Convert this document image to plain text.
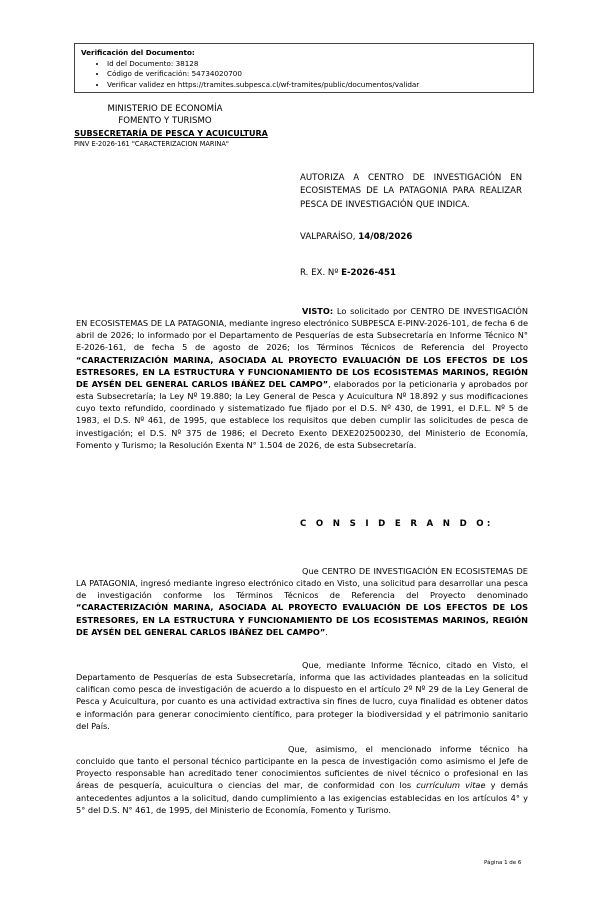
Verificación del Documento:
• Id del Documento: 38128
• Código de verificación: 54734020700
• Verificar validez en https://tramites.subpesca.cl/wf-tramites/public/documentos/validar
MINISTERIO DE ECONOMÍA
FOMENTO Y TURISMO
SUBSECRETARÍA DE PESCA Y ACUICULTURA
PINV E-2026-161 "CARACTERIZACION MARINA"
AUTORIZA A CENTRO DE INVESTIGACIÓN EN ECOSISTEMAS DE LA PATAGONIA PARA REALIZAR PESCA DE INVESTIGACIÓN QUE INDICA.
VALPARAÍSO, 14/08/2026
R. EX. Nº E-2026-451
VISTO: Lo solicitado por CENTRO DE INVESTIGACIÓN EN ECOSISTEMAS DE LA PATAGONIA, mediante ingreso electrónico SUBPESCA E-PINV-2026-101, de fecha 6 de abril de 2026; lo informado por el Departamento de Pesquerías de esta Subsecretaría en Informe Técnico N° E-2026-161, de fecha 5 de agosto de 2026; los Términos Técnicos de Referencia del Proyecto “CARACTERIZACIÓN MARINA, ASOCIADA AL PROYECTO EVALUACIÓN DE LOS EFECTOS DE LOS ESTRESORES, EN LA ESTRUCTURA Y FUNCIONAMIENTO DE LOS ECOSISTEMAS MARINOS, REGIÓN DE AYSÉN DEL GENERAL CARLOS IBÁÑEZ DEL CAMPO”, elaborados por la peticionaria y aprobados por esta Subsecretaría; la Ley Nº 19.880; la Ley General de Pesca y Acuicultura Nº 18.892 y sus modificaciones cuyo texto refundido, coordinado y sistematizado fue fijado por el D.S. Nº 430, de 1991, el D.F.L. Nº 5 de 1983, el D.S. Nº 461, de 1995, que establece los requisitos que deben cumplir las solicitudes de pesca de investigación; el D.S. Nº 375 de 1986; el Decreto Exento DEXE202500230, del Ministerio de Economía, Fomento y Turismo; la Resolución Exenta N° 1.504 de 2026, de esta Subsecretaría.
C O N S I D E R A N D O:
Que CENTRO DE INVESTIGACIÓN EN ECOSISTEMAS DE LA PATAGONIA, ingresó mediante ingreso electrónico citado en Visto, una solicitud para desarrollar una pesca de investigación conforme los Términos Técnicos de Referencia del Proyecto denominado “CARACTERIZACIÓN MARINA, ASOCIADA AL PROYECTO EVALUACIÓN DE LOS EFECTOS DE LOS ESTRESORES, EN LA ESTRUCTURA Y FUNCIONAMIENTO DE LOS ECOSISTEMAS MARINOS, REGIÓN DE AYSÉN DEL GENERAL CARLOS IBÁÑEZ DEL CAMPO”.
Que, mediante Informe Técnico, citado en Visto, el Departamento de Pesquerías de esta Subsecretaría, informa que las actividades planteadas en la solicitud califican como pesca de investigación de acuerdo a lo dispuesto en el artículo 2º Nº 29 de la Ley General de Pesca y Acuicultura, por cuanto es una actividad extractiva sin fines de lucro, cuya finalidad es obtener datos e información para generar conocimiento científico, para proteger la biodiversidad y el patrimonio sanitario del País.
Que, asimismo, el mencionado informe técnico ha concluido que tanto el personal técnico participante en la pesca de investigación como asimismo el Jefe de Proyecto responsable han acreditado tener conocimientos suficientes de nivel técnico o profesional en las áreas de pesquería, acuicultura o ciencias del mar, de conformidad con los currículum vitae y demás antecedentes adjuntos a la solicitud, dando cumplimiento a las exigencias establecidas en los artículos 4° y 5° del D.S. N° 461, de 1995, del Ministerio de Economía, Fomento y Turismo.
Página 1 de 6
